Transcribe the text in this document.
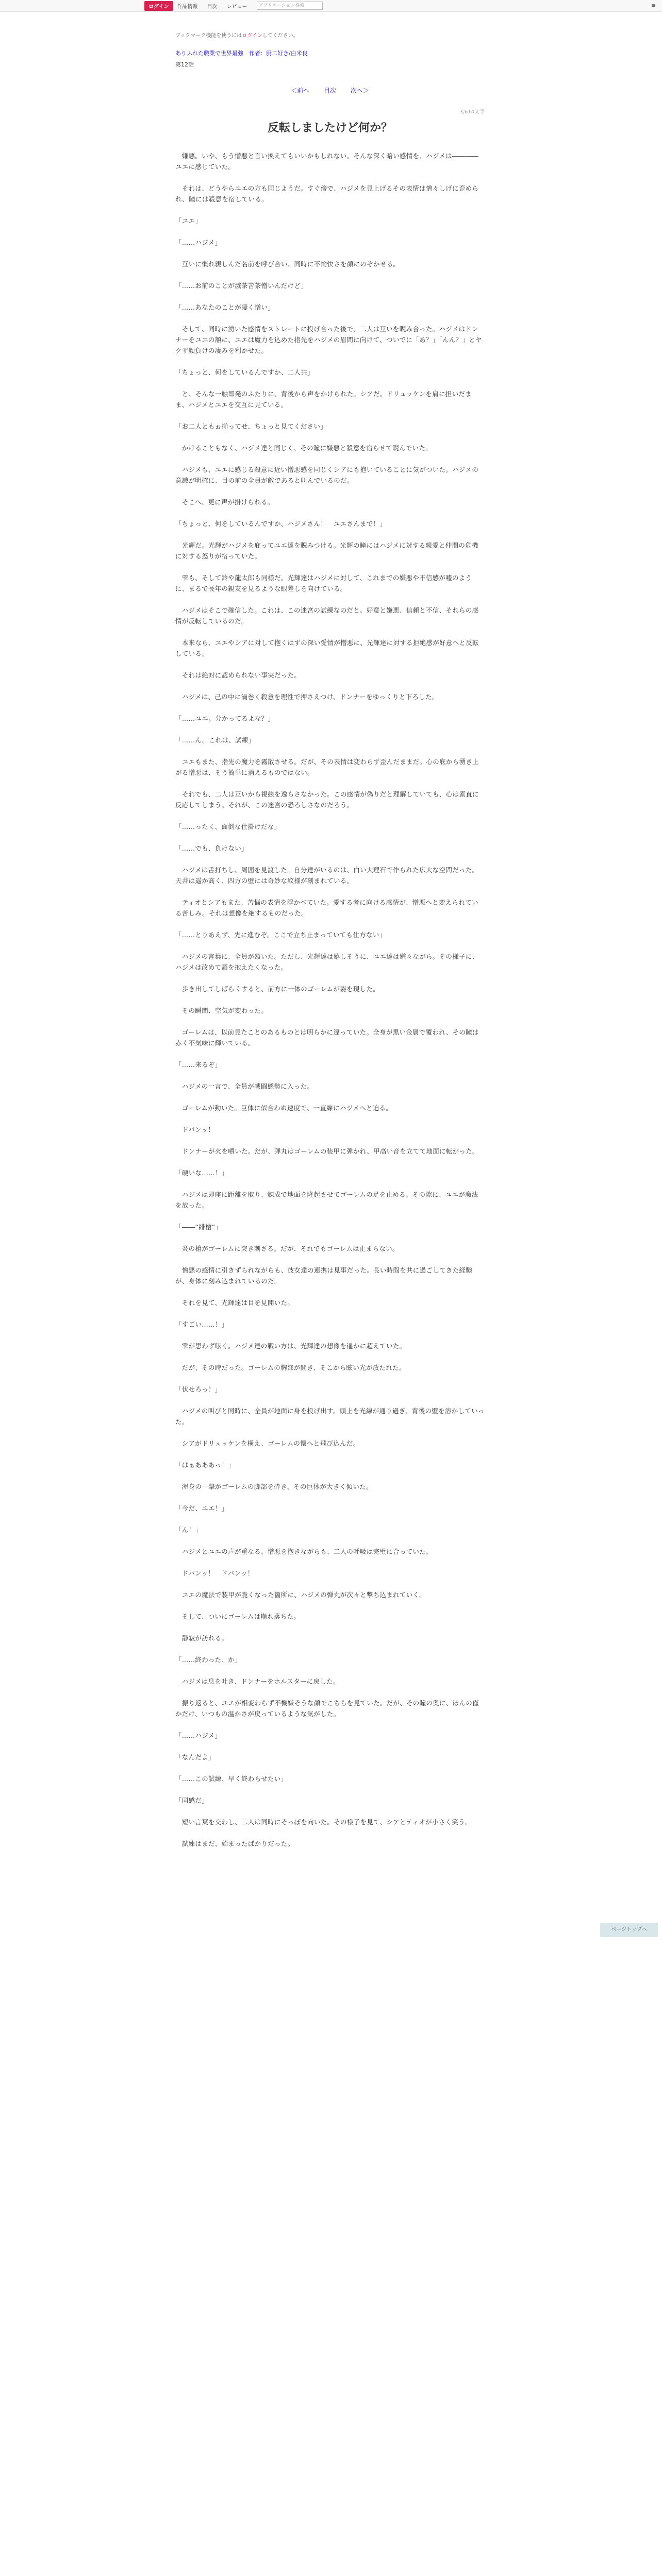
ログイン	作品情報 目次 レビュー	アプリケーション検索	≡
ブックマーク機能を使うにはログインしてください。
ありふれた職業で世界最強　作者：厨二好き/白米良
第12話
＜前へ 目次 次へ＞
3,614文字
反転しましたけど何か？

　嫌悪。いや、もう憎悪と言い換えてもいいかもしれない。そんな深く暗い感情を、ハジメは――――ユエに感じていた。

　それは、どうやらユエの方も同じようだ。すぐ傍で、ハジメを見上げるその表情は憎々しげに歪められ、瞳には殺意を宿している。

「ユエ」

「……ハジメ」

　互いに慣れ親しんだ名前を呼び合い、同時に不愉快さを顔にのぞかせる。

「……お前のことが滅茶苦茶憎いんだけど」

「……あなたのことが凄く憎い」

　そして、同時に湧いた感情をストレートに投げ合った後で、二人は互いを睨み合った。ハジメはドンナーをユエの額に、ユエは魔力を込めた指先をハジメの眉間に向けて、ついでに「あ？」「んん？」とヤクザ顔負けの凄みを利かせた。

「ちょっと、何をしているんですか、二人共」

　と、そんな一触即発のふたりに、背後から声をかけられた。シアだ。ドリュッケンを肩に担いだまま、ハジメとユエを交互に見ている。

「お二人ともぉ揃ってせ、ちょっと見てください」

　かけることもなく、ハジメ達と同じく、その瞳に嫌悪と殺意を宿らせて睨んでいた。

　ハジメも、ユエに感じる殺意に近い憎悪感を同じくシアにも抱いていることに気がついた。ハジメの意識が明確に、目の前の全員が敵であると叫んでいるのだ。

　そこへ、更に声が掛けられる。

「ちょっと、何をしているんですか、ハジメさん！　ユエさんまで！」

　光輝だ。光輝がハジメを庇ってユエ達を睨みつける。光輝の瞳にはハジメに対する親愛と仲間の危機に対する怒りが宿っていた。

　雫も、そして鈴や龍太郎も同様だ。光輝達はハジメに対して、これまでの嫌悪や不信感が嘘のように、まるで長年の親友を見るような眼差しを向けている。

　ハジメはそこで確信した。これは、この迷宮の試練なのだと。好意と嫌悪、信頼と不信、それらの感情が反転しているのだ。

　本来なら、ユエやシアに対して抱くはずの深い愛情が憎悪に、光輝達に対する拒絶感が好意へと反転している。

　それは絶対に認められない事実だった。

　ハジメは、己の中に渦巻く殺意を理性で押さえつけ、ドンナーをゆっくりと下ろした。

「……ユエ。分かってるよな？」

「……ん。これは、試練」

　ユエもまた、指先の魔力を霧散させる。だが、その表情は変わらず歪んだままだ。心の底から湧き上がる憎悪は、そう簡単に消えるものではない。

　それでも、二人は互いから視線を逸らさなかった。この感情が偽りだと理解していても、心は素直に反応してしまう。それが、この迷宮の恐ろしさなのだろう。

「……ったく、面倒な仕掛けだな」

「……でも、負けない」

　ハジメは舌打ちし、周囲を見渡した。自分達がいるのは、白い大理石で作られた広大な空間だった。天井は遥か高く、四方の壁には奇妙な紋様が刻まれている。

　ティオとシアもまた、苦悩の表情を浮かべていた。愛する者に向ける感情が、憎悪へと変えられている苦しみ。それは想像を絶するものだった。

「……とりあえず、先に進むぞ。ここで立ち止まっていても仕方ない」

　ハジメの言葉に、全員が頷いた。ただし、光輝達は嬉しそうに、ユエ達は嫌々ながら。その様子に、ハジメは改めて頭を抱えたくなった。

　歩き出してしばらくすると、前方に一体のゴーレムが姿を現した。

　その瞬間、空気が変わった。

　ゴーレムは、以前見たことのあるものとは明らかに違っていた。全身が黒い金属で覆われ、その瞳は赤く不気味に輝いている。

「……来るぞ」

　ハジメの一言で、全員が戦闘態勢に入った。

　ゴーレムが動いた。巨体に似合わぬ速度で、一直線にハジメへと迫る。

　ドパンッ！

　ドンナーが火を噴いた。だが、弾丸はゴーレムの装甲に弾かれ、甲高い音を立てて地面に転がった。

「硬いな……！」

　ハジメは即座に距離を取り、錬成で地面を隆起させてゴーレムの足を止める。その隙に、ユエが魔法を放った。

「――“緋槍”」

　炎の槍がゴーレムに突き刺さる。だが、それでもゴーレムは止まらない。

　憎悪の感情に引きずられながらも、彼女達の連携は見事だった。長い時間を共に過ごしてきた経験が、身体に刻み込まれているのだ。

　それを見て、光輝達は目を見開いた。

「すごい……！」

　雫が思わず呟く。ハジメ達の戦い方は、光輝達の想像を遥かに超えていた。

　だが、その時だった。ゴーレムの胸部が開き、そこから眩い光が放たれた。

「伏せろっ！」

　ハジメの叫びと同時に、全員が地面に身を投げ出す。頭上を光線が通り過ぎ、背後の壁を溶かしていった。

　シアがドリュッケンを構え、ゴーレムの懐へと飛び込んだ。

「はぁあああっ！」

　渾身の一撃がゴーレムの脚部を砕き、その巨体が大きく傾いた。

「今だ、ユエ！」

「ん！」

　ハジメとユエの声が重なる。憎悪を抱きながらも、二人の呼吸は完璧に合っていた。

　ドパンッ！　ドパンッ！

　ユエの魔法で装甲が脆くなった箇所に、ハジメの弾丸が次々と撃ち込まれていく。

　そして、ついにゴーレムは崩れ落ちた。

　静寂が訪れる。

「……終わった、か」

　ハジメは息を吐き、ドンナーをホルスターに戻した。

　振り返ると、ユエが相変わらず不機嫌そうな顔でこちらを見ていた。だが、その瞳の奥に、ほんの僅かだけ、いつもの温かさが戻っているような気がした。

「……ハジメ」

「なんだよ」

「……この試練、早く終わらせたい」

「同感だ」

　短い言葉を交わし、二人は同時にそっぽを向いた。その様子を見て、シアとティオが小さく笑う。

　試練はまだ、始まったばかりだった。

ページトップへ
